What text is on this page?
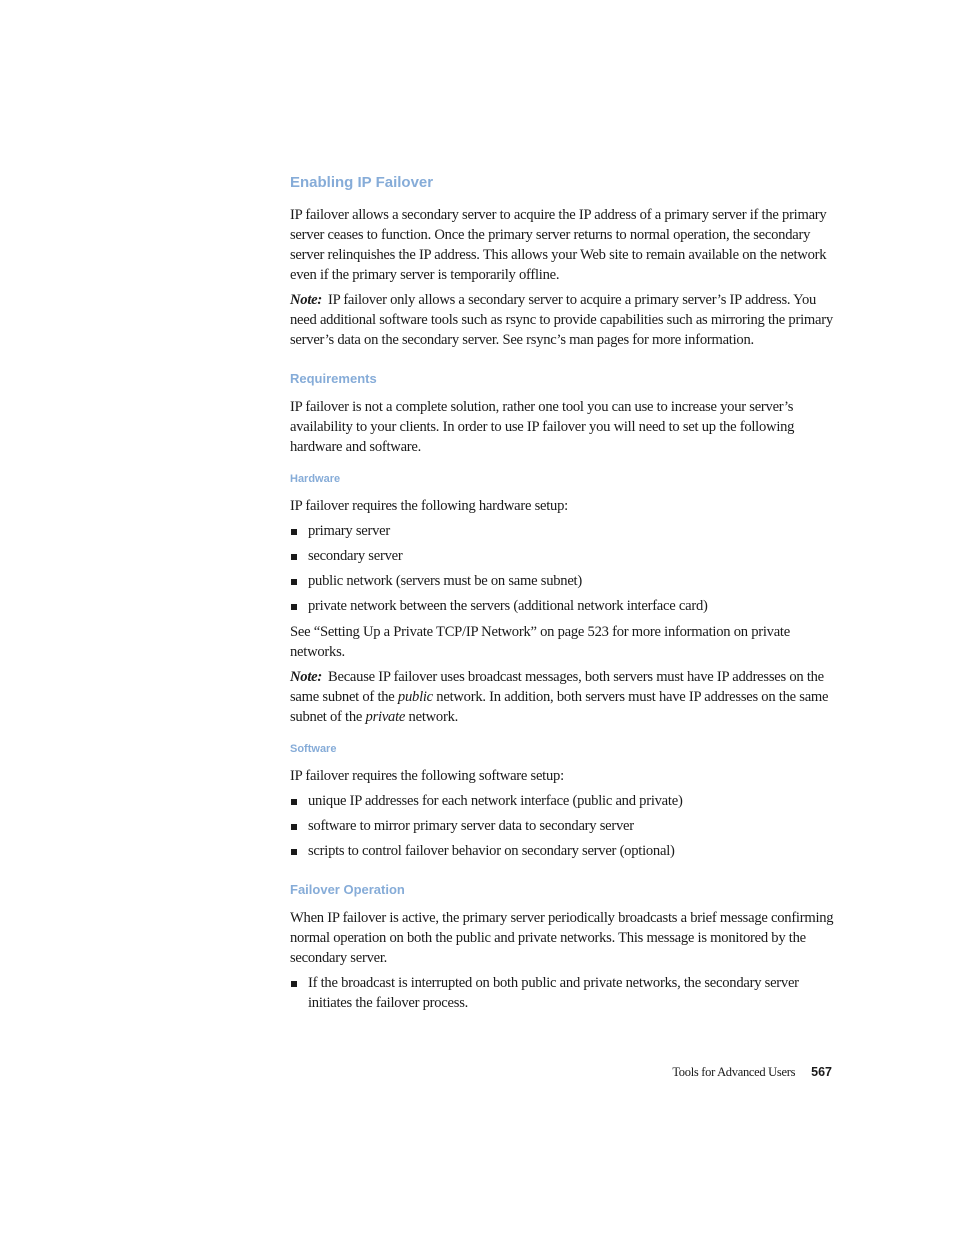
Enabling IP Failover

IP failover allows a secondary server to acquire the IP address of a primary server if the primary server ceases to function. Once the primary server returns to normal operation, the secondary server relinquishes the IP address. This allows your Web site to remain available on the network even if the primary server is temporarily offline.

Note: IP failover only allows a secondary server to acquire a primary server’s IP address. You need additional software tools such as rsync to provide capabilities such as mirroring the primary server’s data on the secondary server. See rsync’s man pages for more information.

Requirements

IP failover is not a complete solution, rather one tool you can use to increase your server’s availability to your clients. In order to use IP failover you will need to set up the following hardware and software.

Hardware

IP failover requires the following hardware setup:

primary server
secondary server
public network (servers must be on same subnet)
private network between the servers (additional network interface card)

See “Setting Up a Private TCP/IP Network” on page 523 for more information on private networks.

Note: Because IP failover uses broadcast messages, both servers must have IP addresses on the same subnet of the public network. In addition, both servers must have IP addresses on the same subnet of the private network.

Software

IP failover requires the following software setup:

unique IP addresses for each network interface (public and private)
software to mirror primary server data to secondary server
scripts to control failover behavior on secondary server (optional)
Failover Operation

When IP failover is active, the primary server periodically broadcasts a brief message confirming normal operation on both the public and private networks. This message is monitored by the secondary server.

If the broadcast is interrupted on both public and private networks, the secondary server initiates the failover process.
Tools for Advanced Users 567
